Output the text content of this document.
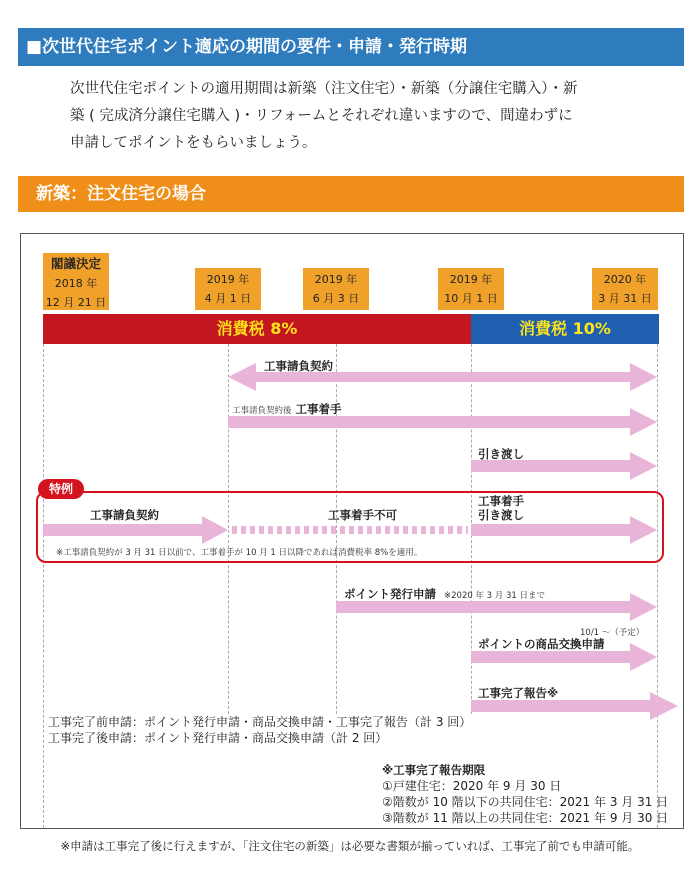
■次世代住宅ポイント適応の期間の要件・申請・発行時期
次世代住宅ポイントの適用期間は新築（注文住宅）・新築（分譲住宅購入）・新
築 ( 完成済分譲住宅購入 )・リフォームとそれぞれ違いますので、間違わずに
申請してポイントをもらいましょう。
新築：注文住宅の場合
閣議決定
2018 年
12 月 21 日
2019 年
4 月 1 日
2019 年
6 月 3 日
2019 年
10 月 1 日
2020 年
3 月 31 日
消費税 8%	消費税 10%
特例
工事請負契約
工事請負契約後 工事着手
引き渡し
工事請負契約	工事着手不可
工事着手
引き渡し
※工事請負契約が 3 月 31 日以前で、工事着手が 10 月 1 日以降であれば消費税率 8%を適用。
ポイント発行申請 ※2020 年 3 月 31 日まで
10/1 〜（予定）
ポイントの商品交換申請
工事完了報告※
工事完了前申請：ポイント発行申請・商品交換申請・工事完了報告（計 3 回）
工事完了後申請：ポイント発行申請・商品交換申請（計 2 回）
※工事完了報告期限
①戸建住宅：2020 年 9 月 30 日
②階数が 10 階以下の共同住宅：2021 年 3 月 31 日
③階数が 11 階以上の共同住宅：2021 年 9 月 30 日
※申請は工事完了後に行えますが、「注文住宅の新築」は必要な書類が揃っていれば、工事完了前でも申請可能。
